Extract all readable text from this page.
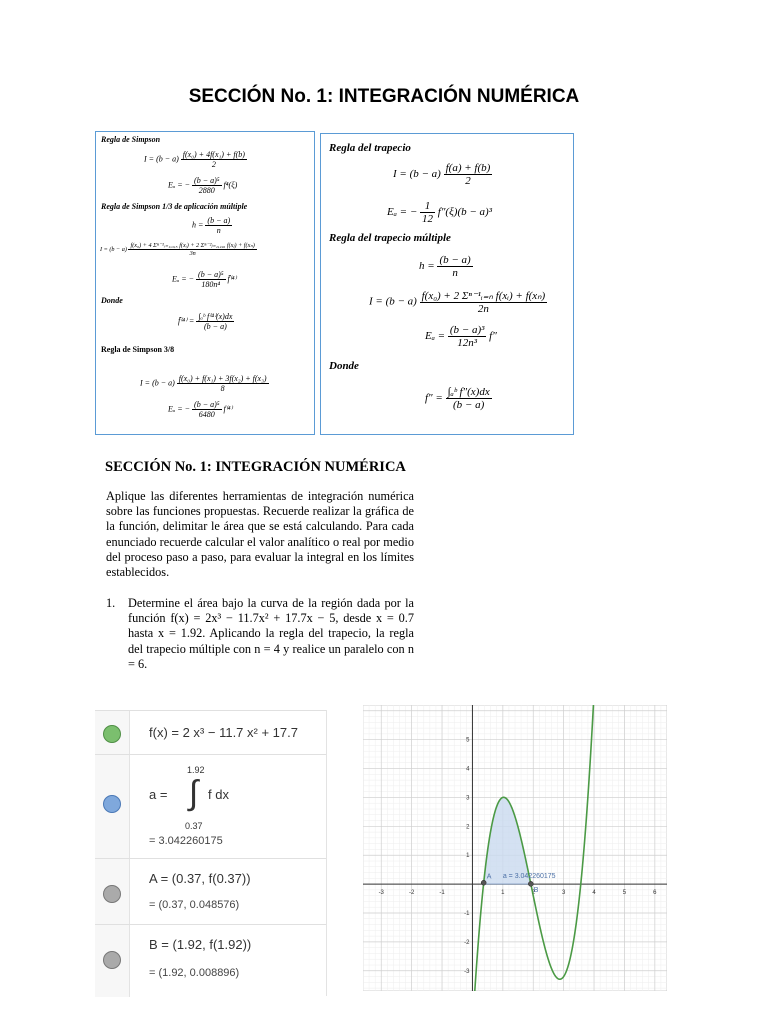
SECCIÓN No. 1: INTEGRACIÓN NUMÉRICA
Regla de Simpson
$I = (b - a) \frac{\text{f(x₀) + 4f(x₁) + f(b)}}{2}$
Eₐ = − $\frac{\text{(b − a)⁵}}{2880} f^4(\xi)$
Regla de Simpson 1/3 de aplicación múltiple
$h = \frac{(b - a)}{n}$
$I = (b - a) \frac{\text{f(x₀) + 4 Σⁿ⁻¹ᵢ₌₁,₃,₅ f(xᵢ) + 2 Σⁿ⁻²ⱼ₌₂,₄,₆ f(xⱼ) + f(xₙ)}}{3n}$
Eₐ = − $\frac{\text{(b − a)⁵}}{\text{180n⁴}}$ f̄⁽⁴⁾
Donde
f̄⁽⁴⁾ = $\frac{\text{∫ₐᵇ f⁽⁴⁾(x)dx}}{(b - a)}$
Regla de Simpson 3/8
$I = (b - a) \frac{\text{f(x₀) + f(x₁) + 3f(x₂) + f(x₃)}}{8}$
Eₐ = − $\frac{\text{(b − a)⁵}}{6480} f^{(4)}$
Regla del trapecio
$I = (b - a) \frac{f(a) + f(b)}{2}$
Eₐ = − $\frac{1}{12} f''(\xi)(b - a)^3$
Regla del trapecio múltiple
$h = \frac{(b - a)}{n}$
$I = (b - a) \frac{\text{f(x₀) + 2 Σⁿ⁻¹ᵢ₌ₙ f(xᵢ) + f(xₙ)}}{2n}$
$E_a = \frac{\text{(b − a)³}}{\text{12n³}} f''$
Donde
$f'' = \frac{\text{∫ₐᵇ f″(x)dx}}{(b - a)}$
SECCIÓN No. 1: INTEGRACIÓN NUMÉRICA
Aplique las diferentes herramientas de integración numérica sobre las funciones propuestas. Recuerde realizar la gráfica de la función, delimitar le área que se está calculando. Para cada enunciado recuerde calcular el valor analítico o real por medio del proceso paso a paso, para evaluar la integral en los límites establecidos.
1. Determine el área bajo la curva de la región dada por la función f(x) = 2x³ − 11.7x² + 17.7x − 5, desde x = 0.7 hasta x = 1.92. Aplicando la regla del trapecio, la regla del trapecio múltiple con n = 4 y realice un paralelo con n = 6.
f(x) = 2 x³ − 11.7 x² + 17.7
a =
1.92
∫ f dx
0.37
= 3.042260175
A = (0.37, f(0.37))
= (0.37, 0.048576)
B = (1.92, f(1.92))
= (1.92, 0.008896)
-3	-2	-1	1	2	3	4	5	6
5
4
3
2
1
-1
-2
-3
A
B
a = 3.042260175
